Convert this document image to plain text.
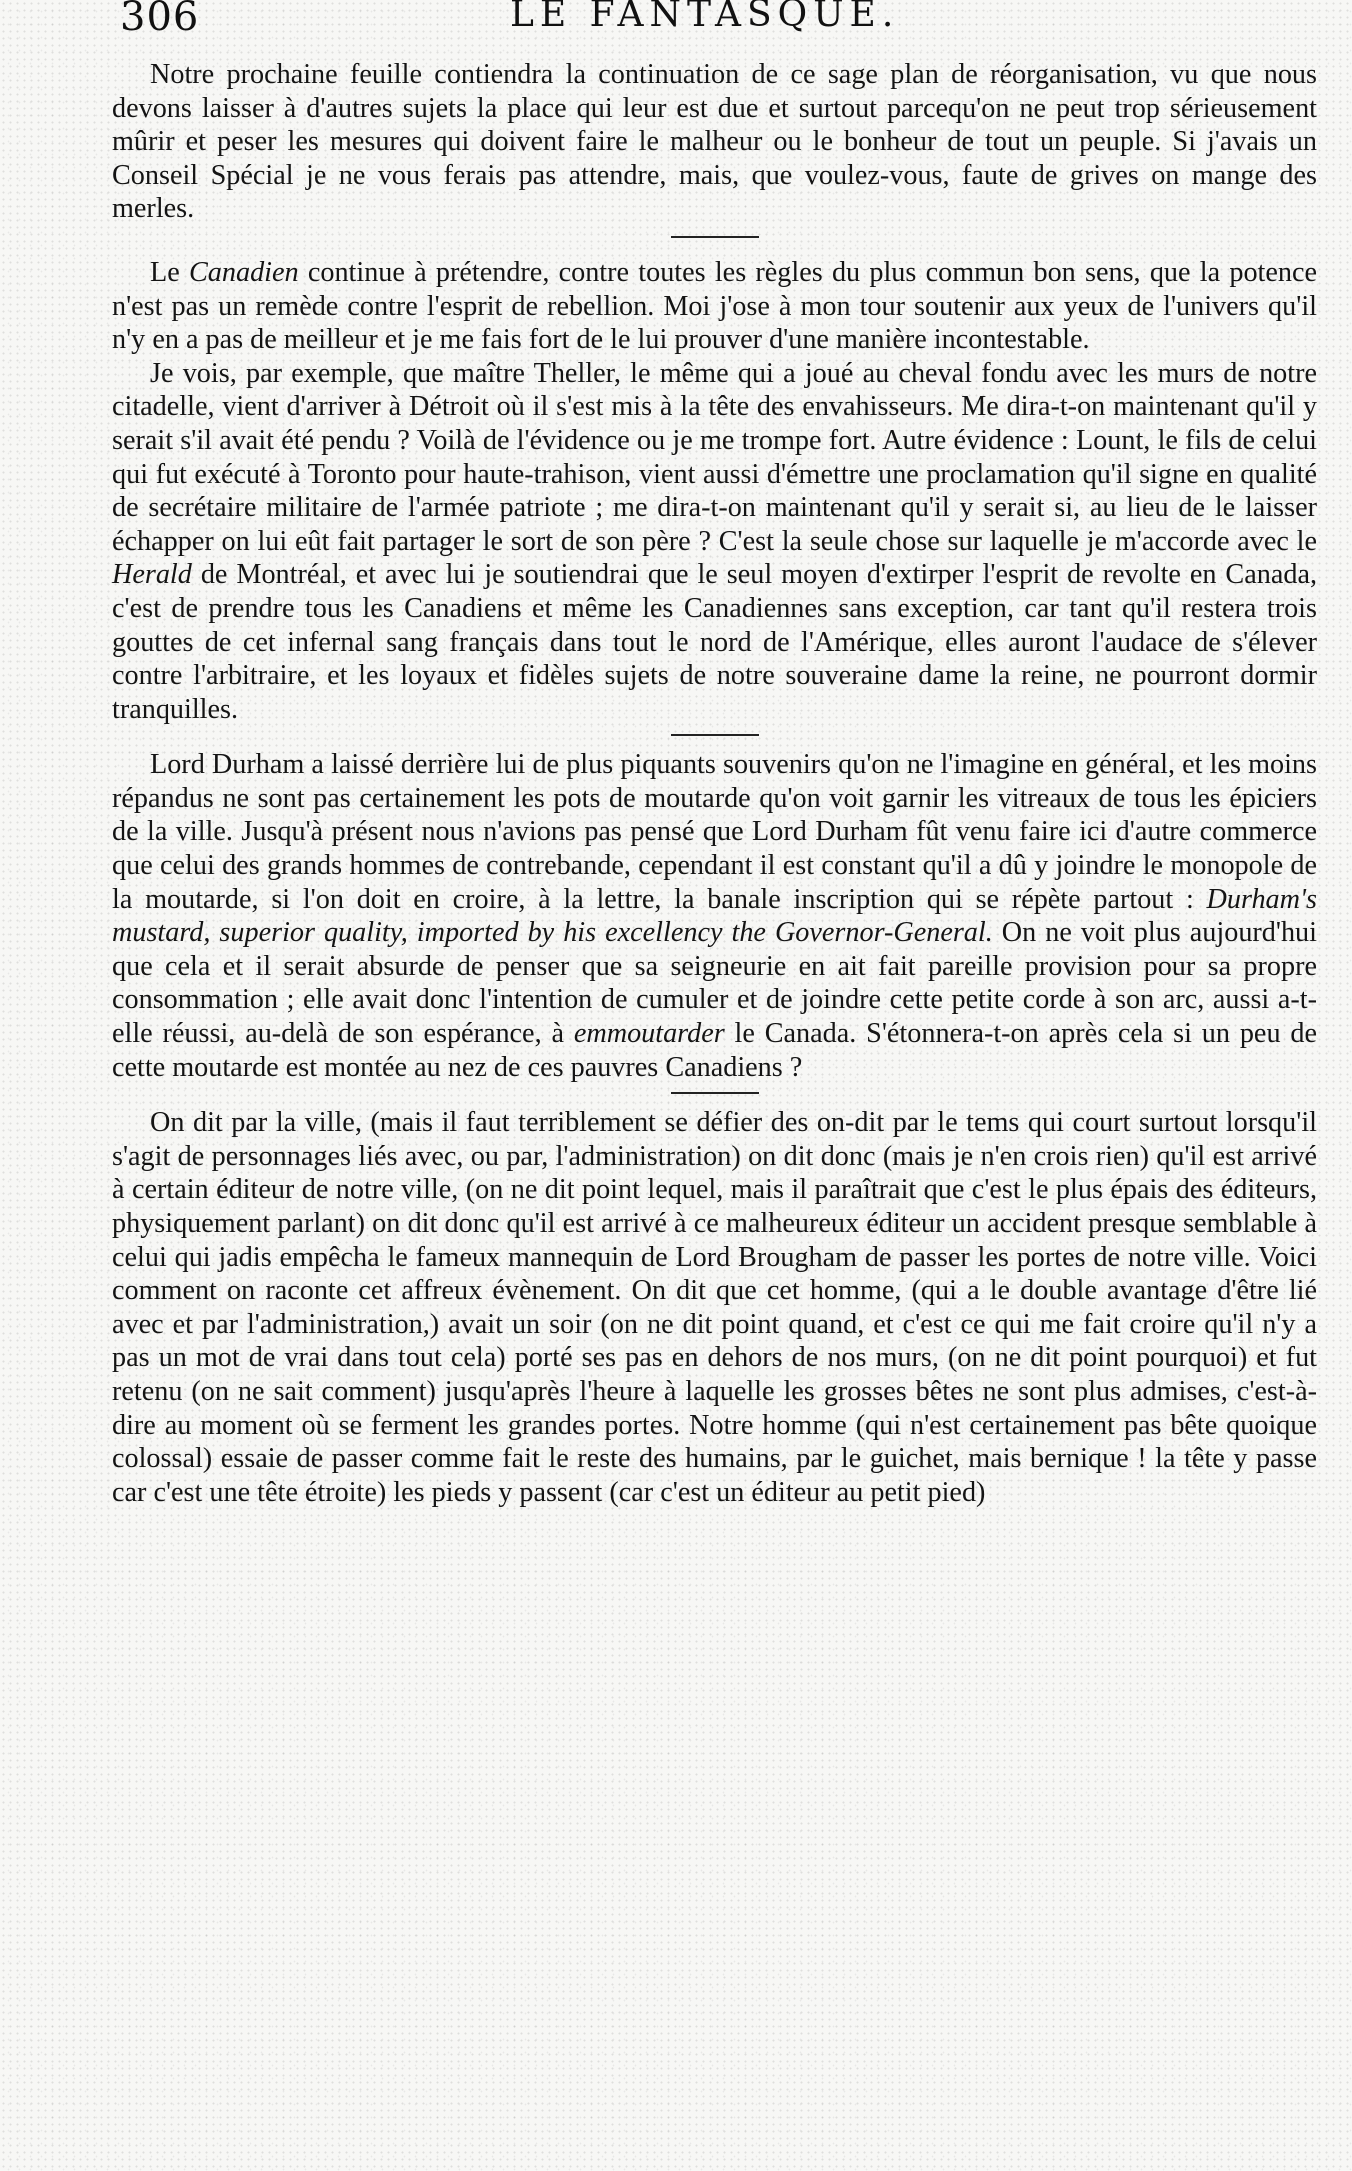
306	LE FANTASQUE.

Notre prochaine feuille contiendra la continuation de ce sage plan de réorganisation, vu que nous devons laisser à d'autres sujets la place qui leur est due et surtout parcequ'on ne peut trop sérieusement mûrir et peser les mesures qui doivent faire le malheur ou le bonheur de tout un peuple. Si j'avais un Conseil Spécial je ne vous ferais pas attendre, mais, que voulez-vous, faute de grives on mange des merles.

Le Canadien continue à prétendre, contre toutes les règles du plus commun bon sens, que la potence n'est pas un remède contre l'esprit de rebellion. Moi j'ose à mon tour soutenir aux yeux de l'univers qu'il n'y en a pas de meilleur et je me fais fort de le lui prouver d'une manière incontestable.

Je vois, par exemple, que maître Theller, le même qui a joué au cheval fondu avec les murs de notre citadelle, vient d'arriver à Détroit où il s'est mis à la tête des envahisseurs. Me dira-t-on maintenant qu'il y serait s'il avait été pendu ? Voilà de l'évidence ou je me trompe fort. Autre évidence : Lount, le fils de celui qui fut exécuté à Toronto pour haute-trahison, vient aussi d'émettre une proclamation qu'il signe en qualité de secrétaire militaire de l'armée patriote ; me dira-t-on maintenant qu'il y serait si, au lieu de le laisser échapper on lui eût fait partager le sort de son père ? C'est la seule chose sur laquelle je m'accorde avec le Herald de Montréal, et avec lui je soutiendrai que le seul moyen d'extirper l'esprit de revolte en Canada, c'est de prendre tous les Canadiens et même les Canadiennes sans exception, car tant qu'il restera trois gouttes de cet infernal sang français dans tout le nord de l'Amérique, elles auront l'audace de s'élever contre l'arbitraire, et les loyaux et fidèles sujets de notre souveraine dame la reine, ne pourront dormir tranquilles.

Lord Durham a laissé derrière lui de plus piquants souvenirs qu'on ne l'imagine en général, et les moins répandus ne sont pas certainement les pots de moutarde qu'on voit garnir les vitreaux de tous les épiciers de la ville. Jusqu'à présent nous n'avions pas pensé que Lord Durham fût venu faire ici d'autre commerce que celui des grands hommes de contrebande, cependant il est constant qu'il a dû y joindre le monopole de la moutarde, si l'on doit en croire, à la lettre, la banale inscription qui se répète partout : Durham's mustard, superior quality, imported by his excellency the Governor-General. On ne voit plus aujourd'hui que cela et il serait absurde de penser que sa seigneurie en ait fait pareille provision pour sa propre consommation ; elle avait donc l'intention de cumuler et de joindre cette petite corde à son arc, aussi a-t-elle réussi, au-delà de son espérance, à emmoutarder le Canada. S'étonnera-t-on après cela si un peu de cette moutarde est montée au nez de ces pauvres Canadiens ?

On dit par la ville, (mais il faut terriblement se défier des on-dit par le tems qui court surtout lorsqu'il s'agit de personnages liés avec, ou par, l'administration) on dit donc (mais je n'en crois rien) qu'il est arrivé à certain éditeur de notre ville, (on ne dit point lequel, mais il paraîtrait que c'est le plus épais des éditeurs, physiquement parlant) on dit donc qu'il est arrivé à ce malheureux éditeur un accident presque semblable à celui qui jadis empêcha le fameux mannequin de Lord Brougham de passer les portes de notre ville. Voici comment on raconte cet affreux évènement. On dit que cet homme, (qui a le double avantage d'être lié avec et par l'administration,) avait un soir (on ne dit point quand, et c'est ce qui me fait croire qu'il n'y a pas un mot de vrai dans tout cela) porté ses pas en dehors de nos murs, (on ne dit point pourquoi) et fut retenu (on ne sait comment) jusqu'après l'heure à laquelle les grosses bêtes ne sont plus admises, c'est-à-dire au moment où se ferment les grandes portes. Notre homme (qui n'est certainement pas bête quoique colossal) essaie de passer comme fait le reste des humains, par le guichet, mais bernique ! la tête y passe car c'est une tête étroite) les pieds y passent (car c'est un éditeur au petit pied)
